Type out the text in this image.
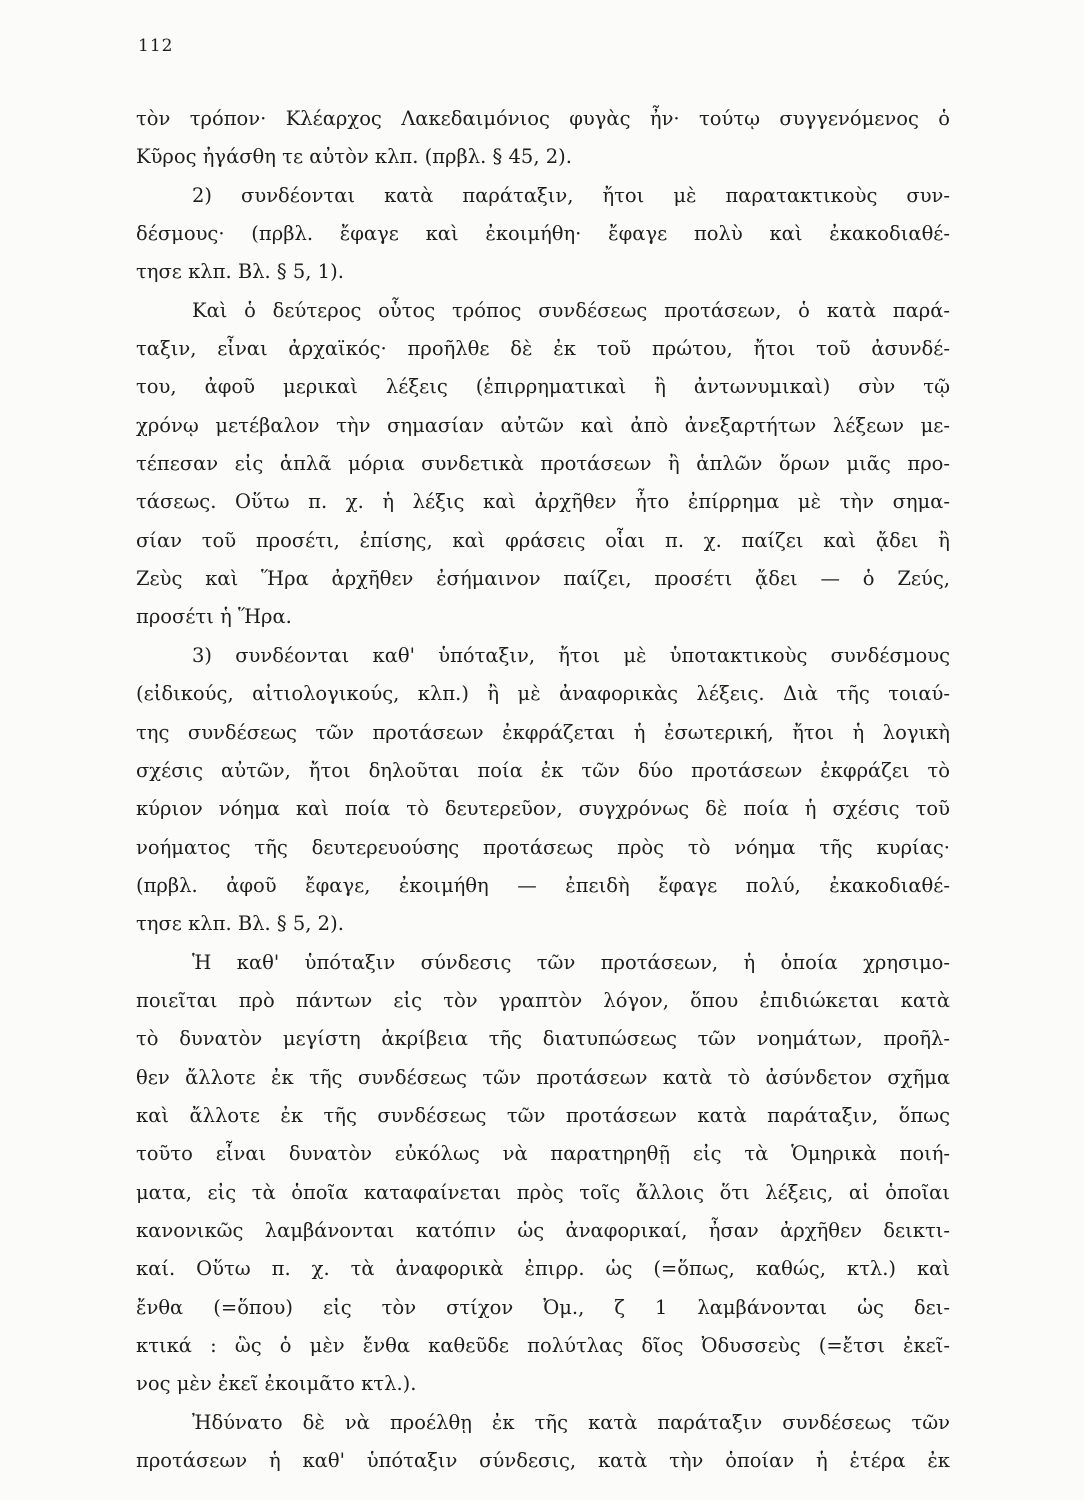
112
τὸν τρόπον· Κλέαρχος Λακεδαιμόνιος φυγὰς ἦν· τούτῳ συγγενόμενος ὁ
Κῦρος ἠγάσθη τε αὐτὸν κλπ. (πρβλ. § 45, 2).
2) συνδέονται κατὰ παράταξιν, ἤτοι μὲ παρατακτικοὺς συν-
δέσμους· (πρβλ. ἔφαγε καὶ ἐκοιμήθη· ἔφαγε πολὺ καὶ ἐκακοδιαθέ-
τησε κλπ. Βλ. § 5, 1).
Καὶ ὁ δεύτερος οὗτος τρόπος συνδέσεως προτάσεων, ὁ κατὰ παρά-
ταξιν, εἶναι ἀρχαϊκός· προῆλθε δὲ ἐκ τοῦ πρώτου, ἤτοι τοῦ ἀσυνδέ-
του, ἀφοῦ μερικαὶ λέξεις (ἐπιρρηματικαὶ ἢ ἀντωνυμικαὶ) σὺν τῷ
χρόνῳ μετέβαλον τὴν σημασίαν αὐτῶν καὶ ἀπὸ ἀνεξαρτήτων λέξεων με-
τέπεσαν εἰς ἁπλᾶ μόρια συνδετικὰ προτάσεων ἢ ἁπλῶν ὅρων μιᾶς προ-
τάσεως. Οὕτω π. χ. ἡ λέξις καὶ ἀρχῆθεν ἦτο ἐπίρρημα μὲ τὴν σημα-
σίαν τοῦ προσέτι, ἐπίσης, καὶ φράσεις οἷαι π. χ. παίζει καὶ ᾄδει ἢ
Ζεὺς καὶ Ἥρα ἀρχῆθεν ἐσήμαινον παίζει, προσέτι ᾄδει — ὁ Ζεύς,
προσέτι ἡ Ἥρα.
3) συνδέονται καθ' ὑπόταξιν, ἤτοι μὲ ὑποτακτικοὺς συνδέσμους
(εἰδικούς, αἰτιολογικούς, κλπ.) ἢ μὲ ἀναφορικὰς λέξεις. Διὰ τῆς τοιαύ-
της συνδέσεως τῶν προτάσεων ἐκφράζεται ἡ ἐσωτερική, ἤτοι ἡ λογικὴ
σχέσις αὐτῶν, ἤτοι δηλοῦται ποία ἐκ τῶν δύο προτάσεων ἐκφράζει τὸ
κύριον νόημα καὶ ποία τὸ δευτερεῦον, συγχρόνως δὲ ποία ἡ σχέσις τοῦ
νοήματος τῆς δευτερευούσης προτάσεως πρὸς τὸ νόημα τῆς κυρίας·
(πρβλ. ἀφοῦ ἔφαγε, ἐκοιμήθη — ἐπειδὴ ἔφαγε πολύ, ἐκακοδιαθέ-
τησε κλπ. Βλ. § 5, 2).
Ἡ καθ' ὑπόταξιν σύνδεσις τῶν προτάσεων, ἡ ὁποία χρησιμο-
ποιεῖται πρὸ πάντων εἰς τὸν γραπτὸν λόγον, ὅπου ἐπιδιώκεται κατὰ
τὸ δυνατὸν μεγίστη ἀκρίβεια τῆς διατυπώσεως τῶν νοημάτων, προῆλ-
θεν ἄλλοτε ἐκ τῆς συνδέσεως τῶν προτάσεων κατὰ τὸ ἀσύνδετον σχῆμα
καὶ ἄλλοτε ἐκ τῆς συνδέσεως τῶν προτάσεων κατὰ παράταξιν, ὅπως
τοῦτο εἶναι δυνατὸν εὐκόλως νὰ παρατηρηθῇ εἰς τὰ Ὁμηρικὰ ποιή-
ματα, εἰς τὰ ὁποῖα καταφαίνεται πρὸς τοῖς ἄλλοις ὅτι λέξεις, αἱ ὁποῖαι
κανονικῶς λαμβάνονται κατόπιν ὡς ἀναφορικαί, ἦσαν ἀρχῆθεν δεικτι-
καί. Οὕτω π. χ. τὰ ἀναφορικὰ ἐπιρρ. ὡς (=ὅπως, καθώς, κτλ.) καὶ
ἔνθα (=ὅπου) εἰς τὸν στίχον Ὀμ., ζ 1 λαμβάνονται ὡς δει-
κτικά : ὣς ὁ μὲν ἔνθα καθεῦδε πολύτλας δῖος Ὀδυσσεὺς (=ἔτσι ἐκεῖ-
νος μὲν ἐκεῖ ἐκοιμᾶτο κτλ.).
Ἠδύνατο δὲ νὰ προέλθῃ ἐκ τῆς κατὰ παράταξιν συνδέσεως τῶν
προτάσεων ἡ καθ' ὑπόταξιν σύνδεσις, κατὰ τὴν ὁποίαν ἡ ἑτέρα ἐκ
